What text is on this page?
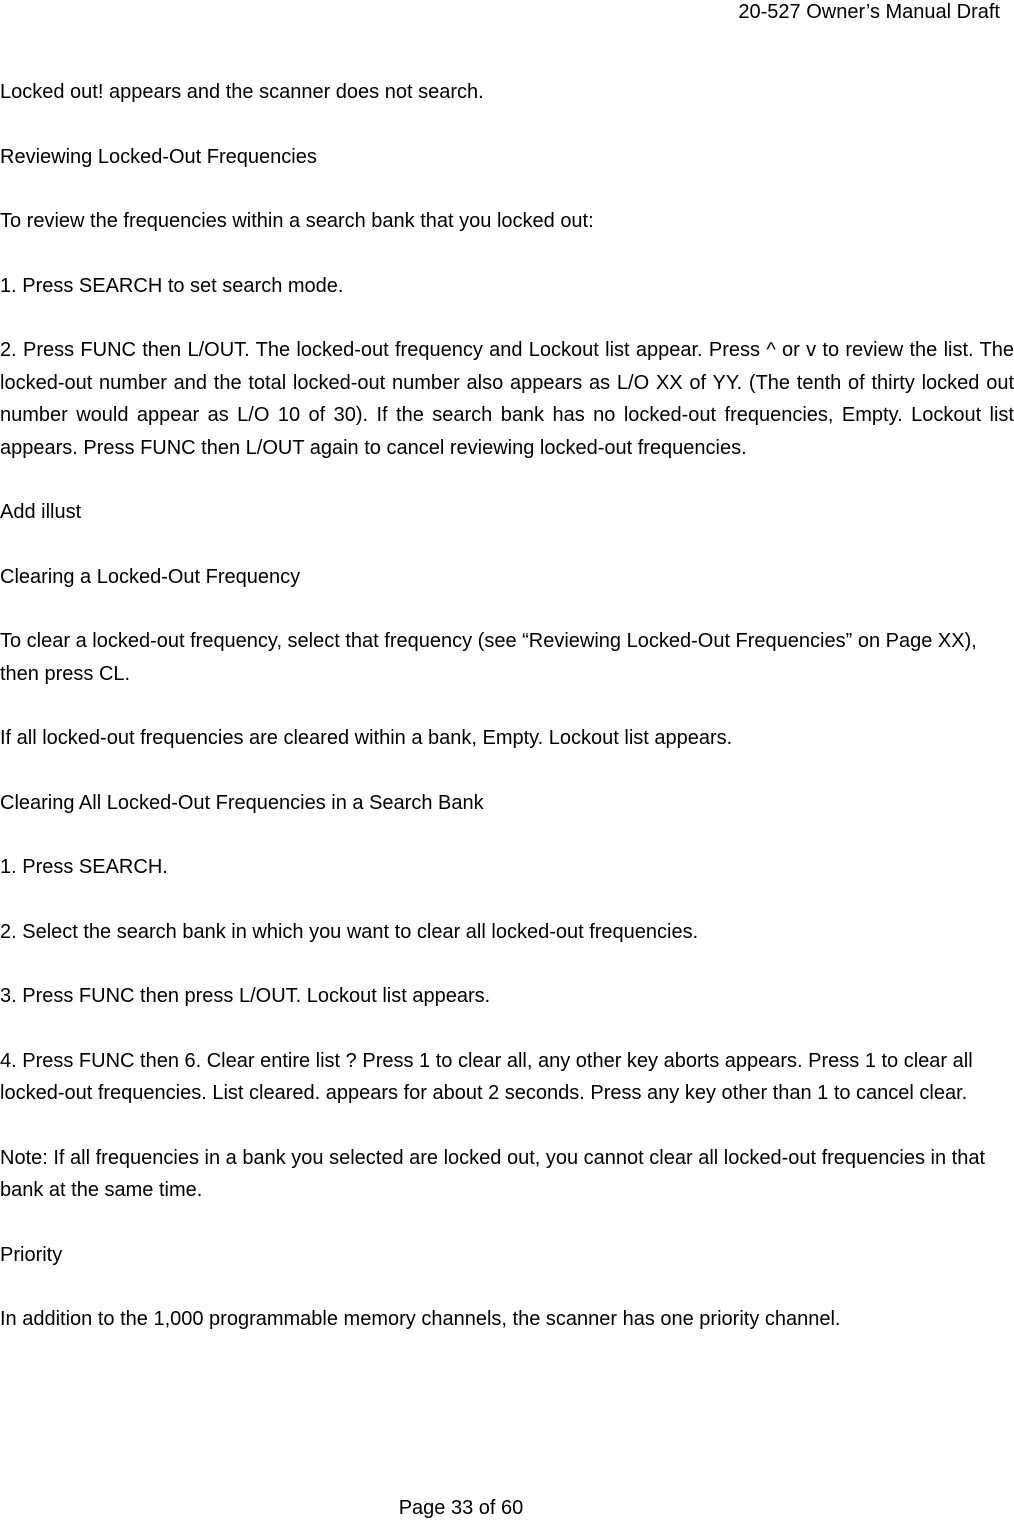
20-527 Owner’s Manual Draft

Locked out! appears and the scanner does not search.

Reviewing Locked-Out Frequencies

To review the frequencies within a search bank that you locked out:

1. Press SEARCH to set search mode.

2. Press FUNC then L/OUT. The locked-out frequency and Lockout list appear. Press ^ or v to review the list. The locked-out number and the total locked-out number also appears as L/O XX of YY. (The tenth of thirty locked out number would appear as L/O 10 of 30). If the search bank has no locked-out frequencies, Empty. Lockout list appears. Press FUNC then L/OUT again to cancel reviewing locked-out frequencies.

Add illust

Clearing a Locked-Out Frequency

To clear a locked-out frequency, select that frequency (see “Reviewing Locked-Out Frequencies” on Page XX), then press CL.

If all locked-out frequencies are cleared within a bank, Empty. Lockout list appears.

Clearing All Locked-Out Frequencies in a Search Bank

1. Press SEARCH.

2. Select the search bank in which you want to clear all locked-out frequencies.

3. Press FUNC then press L/OUT. Lockout list appears.

4. Press FUNC then 6. Clear entire list ? Press 1 to clear all, any other key aborts appears. Press 1 to clear all locked-out frequencies. List cleared. appears for about 2 seconds. Press any key other than 1 to cancel clear.

Note: If all frequencies in a bank you selected are locked out, you cannot clear all locked-out frequencies in that bank at the same time.

Priority

In addition to the 1,000 programmable memory channels, the scanner has one priority channel.

Page 33 of 60
